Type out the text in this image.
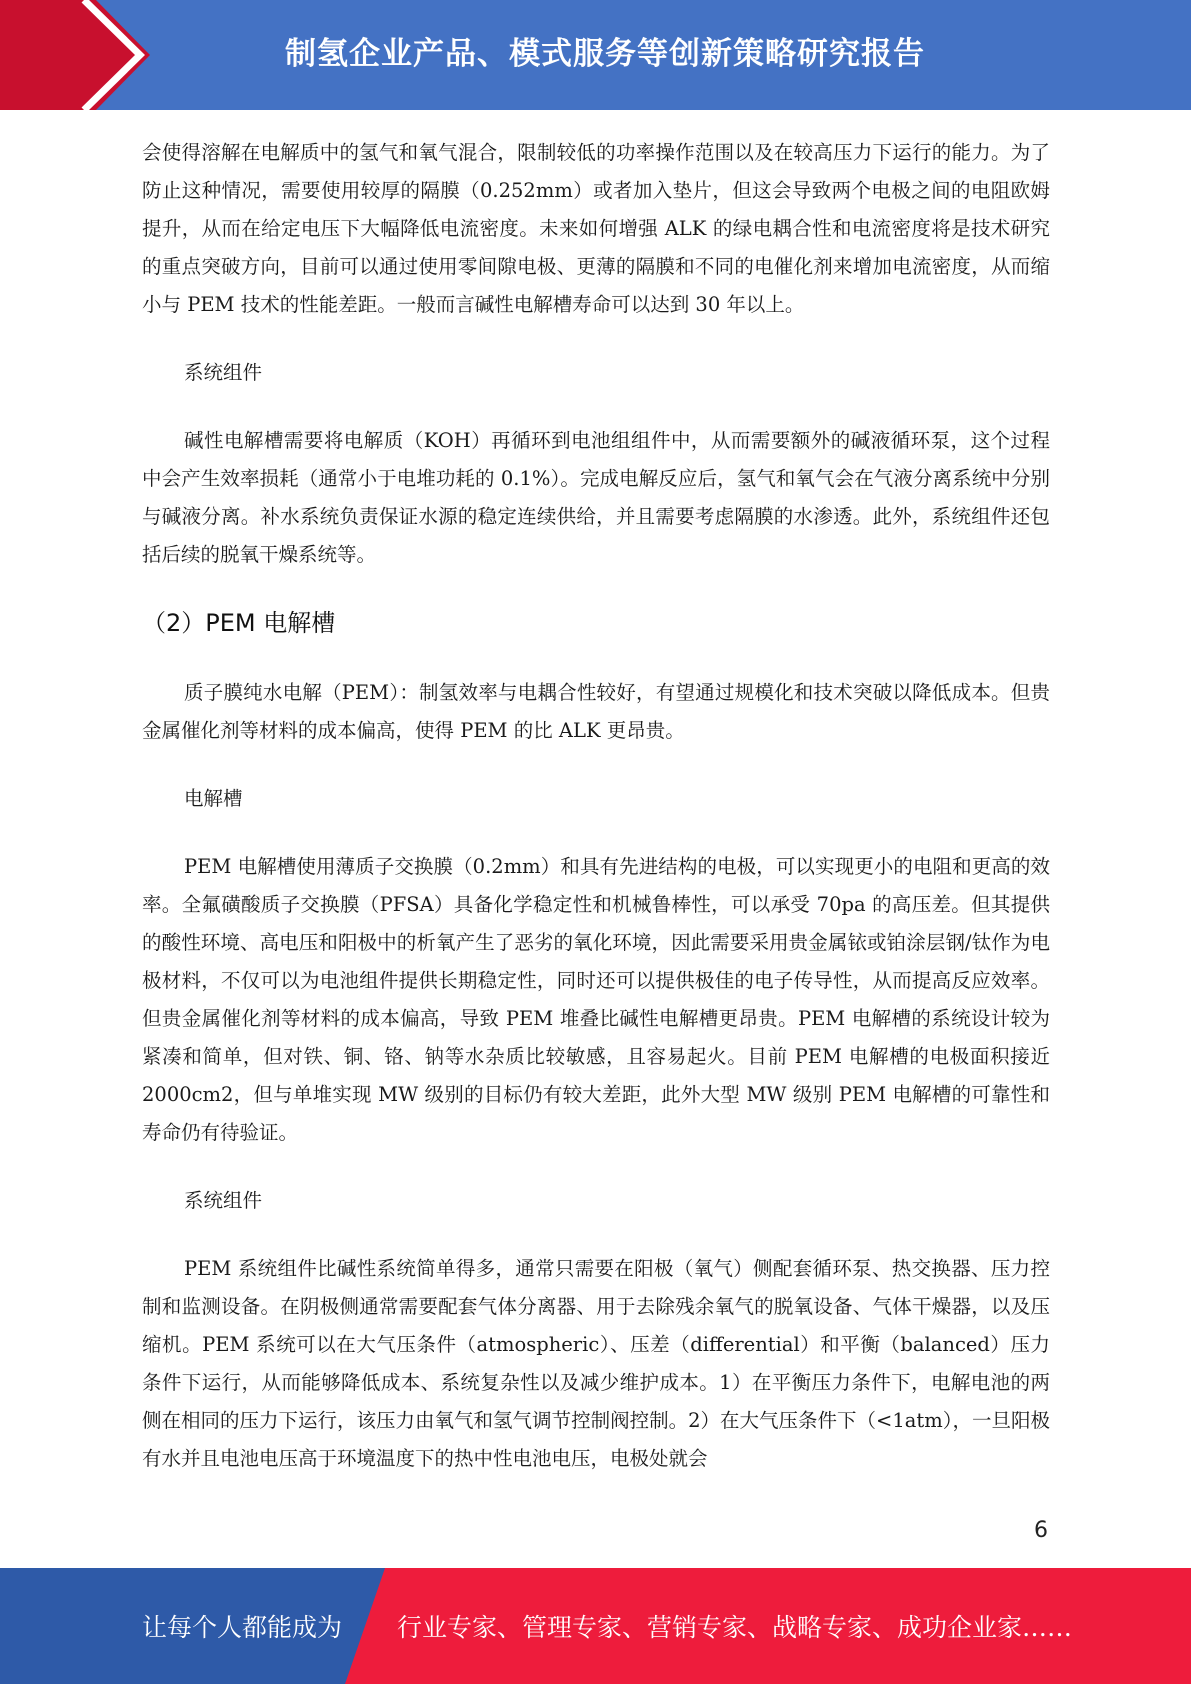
制氢企业产品、模式服务等创新策略研究报告

会使得溶解在电解质中的氢气和氧气混合，限制较低的功率操作范围以及在较高压力下运行的能力。为了防止这种情况，需要使用较厚的隔膜（0.252mm）或者加入垫片，但这会导致两个电极之间的电阻欧姆提升，从而在给定电压下大幅降低电流密度。未来如何增强 ALK 的绿电耦合性和电流密度将是技术研究的重点突破方向，目前可以通过使用零间隙电极、更薄的隔膜和不同的电催化剂来增加电流密度，从而缩小与 PEM 技术的性能差距。一般而言碱性电解槽寿命可以达到 30 年以上。

系统组件

碱性电解槽需要将电解质（KOH）再循环到电池组组件中，从而需要额外的碱液循环泵，这个过程中会产生效率损耗（通常小于电堆功耗的 0.1%）。完成电解反应后，氢气和氧气会在气液分离系统中分别与碱液分离。补水系统负责保证水源的稳定连续供给，并且需要考虑隔膜的水渗透。此外，系统组件还包括后续的脱氧干燥系统等。

（2）PEM 电解槽

质子膜纯水电解（PEM）：制氢效率与电耦合性较好，有望通过规模化和技术突破以降低成本。但贵金属催化剂等材料的成本偏高，使得 PEM 的比 ALK 更昂贵。

电解槽

PEM 电解槽使用薄质子交换膜（0.2mm）和具有先进结构的电极，可以实现更小的电阻和更高的效率。全氟磺酸质子交换膜（PFSA）具备化学稳定性和机械鲁棒性，可以承受 70pa 的高压差。但其提供的酸性环境、高电压和阳极中的析氧产生了恶劣的氧化环境，因此需要采用贵金属铱或铂涂层钢/钛作为电极材料，不仅可以为电池组件提供长期稳定性，同时还可以提供极佳的电子传导性，从而提高反应效率。但贵金属催化剂等材料的成本偏高，导致 PEM 堆叠比碱性电解槽更昂贵。PEM 电解槽的系统设计较为紧凑和简单，但对铁、铜、铬、钠等水杂质比较敏感，且容易起火。目前 PEM 电解槽的电极面积接近 2000cm2，但与单堆实现 MW 级别的目标仍有较大差距，此外大型 MW 级别 PEM 电解槽的可靠性和寿命仍有待验证。

系统组件

PEM 系统组件比碱性系统简单得多，通常只需要在阳极（氧气）侧配套循环泵、热交换器、压力控制和监测设备。在阴极侧通常需要配套气体分离器、用于去除残余氧气的脱氧设备、气体干燥器，以及压缩机。PEM 系统可以在大气压条件（atmospheric）、压差（differential）和平衡（balanced）压力条件下运行，从而能够降低成本、系统复杂性以及减少维护成本。1）在平衡压力条件下，电解电池的两侧在相同的压力下运行，该压力由氧气和氢气调节控制阀控制。2）在大气压条件下（<1atm），一旦阳极有水并且电池电压高于环境温度下的热中性电池电压，电极处就会

6
让每个人都能成为 行业专家、管理专家、营销专家、战略专家、成功企业家……
